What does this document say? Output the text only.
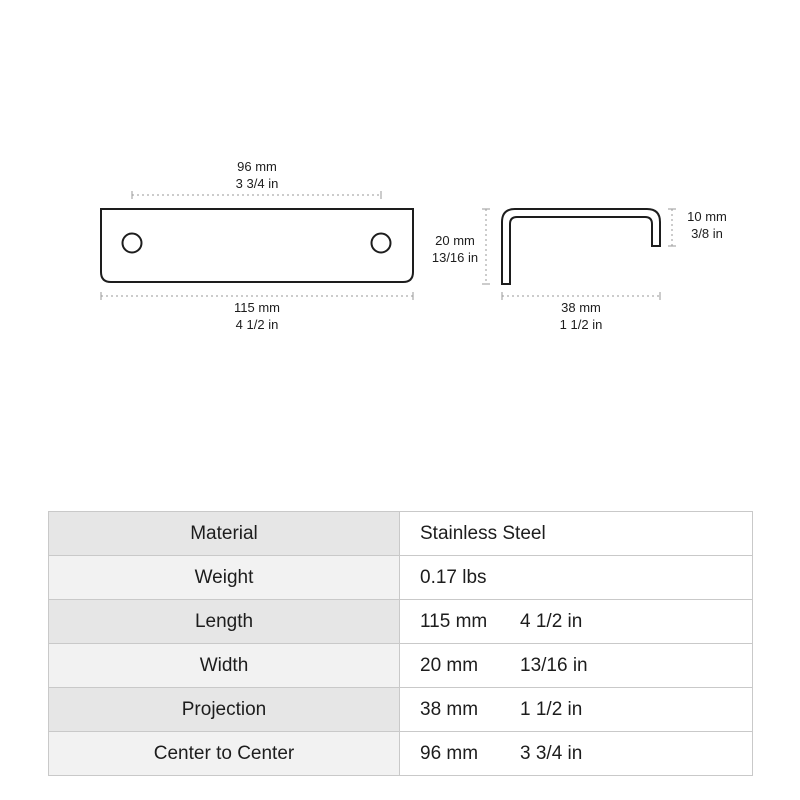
96 mm
3 3/4 in
115 mm
4 1/2 in
20 mm
13/16 in
10 mm
3/8 in
38 mm
1 1/2 in
Material	Stainless Steel
Weight	0.17 lbs
Length	115 mm 4 1/2 in
Width	20 mm 13/16 in
Projection	38 mm 1 1/2 in
Center to Center	96 mm 3 3/4 in
